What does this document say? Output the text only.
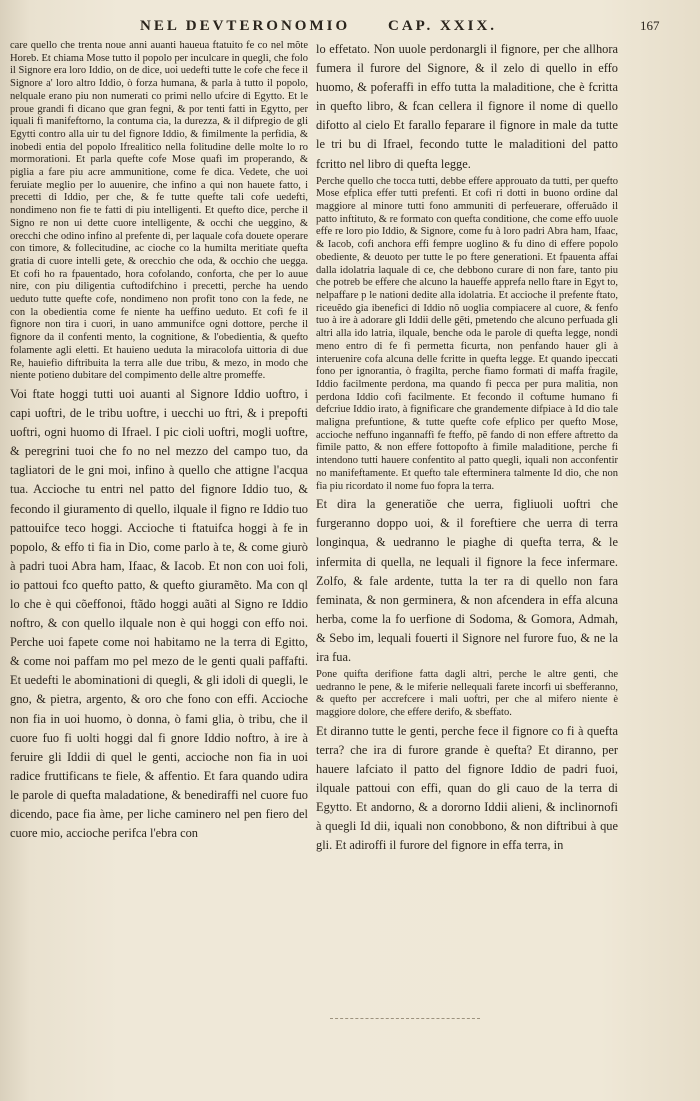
NEL DEVTERONOMIO	CAP. XXIX.	167

care quello che trenta noue anni auanti haueua ftatuito fe co nel mõte Horeb. Et chiama Mose tutto il popolo per inculcare in quegli, che folo il Signore era loro Iddio, on de dice, uoi uedefti tutte le cofe che fece il Signore a' loro altro Iddio, ò forza humana, & parla à tutto il popolo, nelquale erano piu non numerati co primi nello ufcire di Egytto. Et le proue grandi fi dicano que gran fegni, & por tenti fatti in Egytto, per iquali fi manifeftorno, la contuma cia, la durezza, & il difpregio de gli Egytti contro alla uir tu del fignore Iddio, & fimilmente la perfidia, & inobedi entia del popolo Ifrealitico nella folitudine delle molte lo ro mormorationi. Et parla quefte cofe Mose quafi im properando, & piglia a fare piu acre ammunitione, come fe dica. Vedete, che uoi feruiate meglio per lo auuenire, che infino a qui non hauete fatto, i precetti di Iddio, per che, & fe tutte quefte tali cofe uedefti, nondimeno non fie te fatti di piu intelligenti. Et quefto dice, perche il Signo re non ui dette cuore intelligente, & occhi che ueggino, & orecchi che odino infino al prefente di, per laquale cofa douete operare con timore, & follecitudine, ac cioche co la humilta meritiate quefta gratia di cuore intelli gete, & orecchio che oda, & occhio che ueggа. Et cofi ho ra fpauentado, hora cofolando, conforta, che per lo auue nire, con piu diligentia cuftodifchino i precetti, perche ha uendo ueduto tutte quefte cofe, nondimeno non profit tono con la fede, ne con la obedientia come fe niente ha ueffino ueduto. Et cofi fe il fignore non tira i cuori, in uano ammunifce ogni dottore, perche il fignore da il confenti mento, la cognitione, & l'obedientia, & quefto folamente agli eletti. Et hauieno ueduta la miracolofa uittoria di due Re, hauiefio diftribuita la terra alle due tribu, & mezo, in modo che niente potieno dubitare del compimento delle altre promeffe.

Voi ftate hoggi tutti uoi auanti al Signore Iddio uoftro, i capi uoftri, de le tribu uoftre, i uecchi uo ftri, & i prepofti uoftri, ogni huomo di Ifrael. I pic cioli uoftri, mogli uoftre, & peregrini tuoi che fo no nel mezzo del campo tuo, da tagliatori de le gni moi, infino à quello che attigne l'acqua tua. Accioche tu entri nel patto del fignore Iddio tuo, & fecondo il giuramento di quello, ilquale il figno re Iddio tuo pattouifce teco hoggi. Accioche ti ftatuifca hoggi à fe in popolo, & effo ti fia in Dio, come parlo à te, & come giurò à padri tuoi Abra ham, Ifaac, & Iacob. Et non con uoi foli, io pattoui fco quefto patto, & quefto giuramẽto. Ma con ql lo che è qui cõeffonoi, ftãdo hoggi auãti al Signo re Iddio noftro, & con quello ilquale non è qui hoggi con effo noi. Perche uoi fapete come noi habitamo ne la terra di Egitto, & come noi paffam mo pel mezo de le genti quali paffafti. Et uedefti le abominationi di quegli, & gli idoli di quegli, le gno, & pietra, argento, & oro che fono con effi. Accioche non fia in uoi huomo, ò donna, ò fami glia, ò tribu, che il cuore fuo fi uolti hoggi dal fi gnore Iddio noftro, à ire à feruire gli Iddii di quel le genti, accioche non fia in uoi radice fruttificans te fiele, & affentio. Et fara quando udira le parole di quefta maladatione, & benediraffi nel cuore fuo dicendo, pace fia àme, per liche caminero nel pen fiero del cuore mio, accioche perifca l'ebra con

lo effetato. Non uuole perdonargli il fignore, per che allhora fumera il furore del Signore, & il zelo di quello in effo huomo, & poferaffi in effo tutta la maladitione, che è fcritta in quefto libro, & fcan cellera il fignore il nome di quello difotto al cielo Et farallo feparare il fignore in male da tutte le tri bu di Ifrael, fecondo tutte le maladitioni del patto fcritto nel libro di quefta legge.

Perche quello che tocca tutti, debbe effere approuato da tutti, per quefto Mose efplica effer tutti prefenti. Et cofi ri dotti in buono ordine dal maggiore al minore tutti fono ammuniti di perfeuerare, offeruãdo il patto inftituto, & re formato con quefta conditione, che come effo uuole effe re loro pio Iddio, & Signore, come fu à loro padri Abra ham, Ifaac, & Iacob, cofi anchora effi fempre uoglino & fu dino di effere popolo obediente, & deuoto per tutte le po ftere generationi. Et fpauenta affai dalla idolatria laquale di ce, che debbono curare di non fare, tanto piu che potreb be effere che alcuno la haueffe apprefa nello ftare in Egyt to, nelpaffare p le nationi dedite alla idolatria. Et accioche il prefente ftato, riceuẽdo gia ibenefici di Iddio nõ uoglia compiacere al cuore, & fenfo tuo à ire à adorare gli Iddii delle gẽti, pmetendo che alcuno perfuada gli altri alla ido latria, ilquale, benche oda le parole di quefta legge, nondi meno entro di fe fi permetta ficurtа, non penfando hauer gli à interuenire cofa alcuna delle fcritte in quefta legge. Et quando ipeccati fono per ignorantia, ò fragilta, perche fiamo formati di maffa fragile, Iddio facilmente perdona, ma quando fi pecca per pura malitia, non perdona Iddio cofi facilmente. Et fecondo il coftume humano fi defcriue Iddio irato, à fignificare che grandemente difpiace à Id dio tale maligna prefuntione, & tutte quefte cofe efplico per quefto Mose, accioche neffuno ingannaffi fe fteffo, pẽ fando di non effere aftretto da fimile patto, & non effere fottopofto à fimile maladitione, perche fi intendono tutti hauere confentito al patto quegli, iquali non acconfentir no manifeftamente. Et quefto tale efterminera talmente Id dio, che non fia piu ricordato il nome fuo fopra la terra.

Et dira la generatiõe che uerra, figliuoli uoftri che furgeranno doppo uoi, & il foreftiere che uerra di terra longinqua, & uedranno le piaghe di quefta terra, & le infermita di quella, ne lequali il fignore la fece infermare. Zolfo, & fale ardente, tutta la ter ra di quello non fara feminata, & non germinera, & non afcendera in effa alcuna herba, come la fo uerfione di Sodoma, & Gomora, Admah, & Sebo im, lequali fouerti il Signore nel furore fuo, & ne la ira fua.

Pone quifta derifione fatta dagli altri, perche le altre genti, che uedranno le pene, & le miferie nellequali farete incorfi ui sbefferanno, & quefto per accrefcere i mali uoftri, per che al mifero niente è maggiore dolore, che effere derifo, & sbeffato.

Et diranno tutte le genti, perche fece il fignore co fi à quefta terra? che ira di furore grande è quefta? Et diranno, per hauere lafciato il patto del fignore Iddio de padri fuoi, ilquale pattoui con effi, quan do gli cauo de la terra di Egytto. Et andorno, & a dororno Iddii alieni, & inclinornofi à quegli Id dii, iquali non conobbono, & non diftribui à que gli. Et adiroffi il furore del fignore in effa terra, in
